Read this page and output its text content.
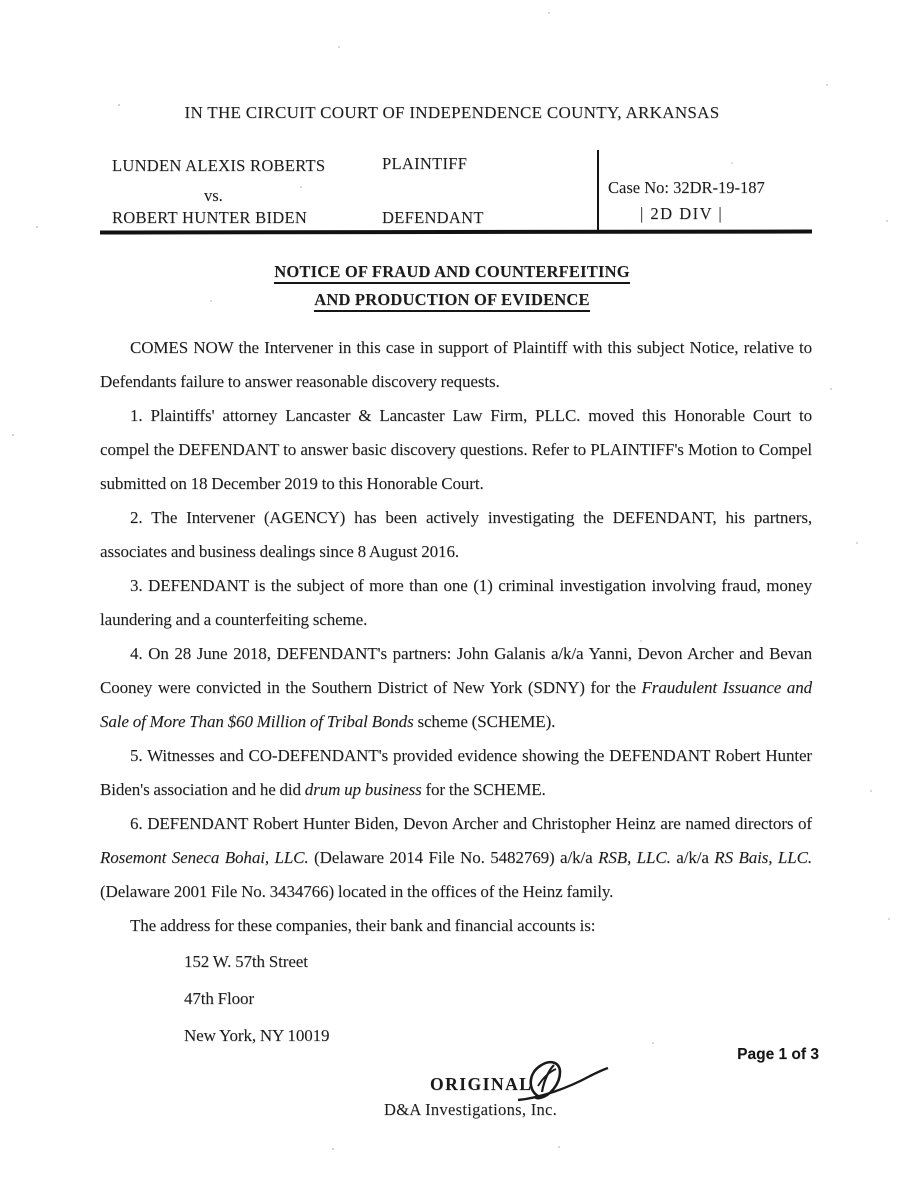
IN THE CIRCUIT COURT OF INDEPENDENCE COUNTY, ARKANSAS
LUNDEN ALEXIS ROBERTS	PLAINTIFF
vs.
ROBERT HUNTER BIDEN	DEFENDANT
Case No: 32DR-19-187
| 2D DIV |
NOTICE OF FRAUD AND COUNTERFEITING
AND PRODUCTION OF EVIDENCE

COMES NOW the Intervener in this case in support of Plaintiff with this subject Notice, relative to Defendants failure to answer reasonable discovery requests.

1. Plaintiffs' attorney Lancaster & Lancaster Law Firm, PLLC. moved this Honorable Court to compel the DEFENDANT to answer basic discovery questions. Refer to PLAINTIFF's Motion to Compel submitted on 18 December 2019 to this Honorable Court.

2. The Intervener (AGENCY) has been actively investigating the DEFENDANT, his partners, associates and business dealings since 8 August 2016.

3. DEFENDANT is the subject of more than one (1) criminal investigation involving fraud, money laundering and a counterfeiting scheme.

4. On 28 June 2018, DEFENDANT's partners: John Galanis a/k/a Yanni, Devon Archer and Bevan Cooney were convicted in the Southern District of New York (SDNY) for the Fraudulent Issuance and Sale of More Than $60 Million of Tribal Bonds scheme (SCHEME).

5. Witnesses and CO-DEFENDANT's provided evidence showing the DEFENDANT Robert Hunter Biden's association and he did drum up business for the SCHEME.

6. DEFENDANT Robert Hunter Biden, Devon Archer and Christopher Heinz are named directors of Rosemont Seneca Bohai, LLC. (Delaware 2014 File No. 5482769) a/k/a RSB, LLC. a/k/a RS Bais, LLC. (Delaware 2001 File No. 3434766) located in the offices of the Heinz family.

The address for these companies, their bank and financial accounts is:

152 W. 57th Street
47th Floor
New York, NY 10019
Page 1 of 3
ORIGINAL
D&A Investigations, Inc.
